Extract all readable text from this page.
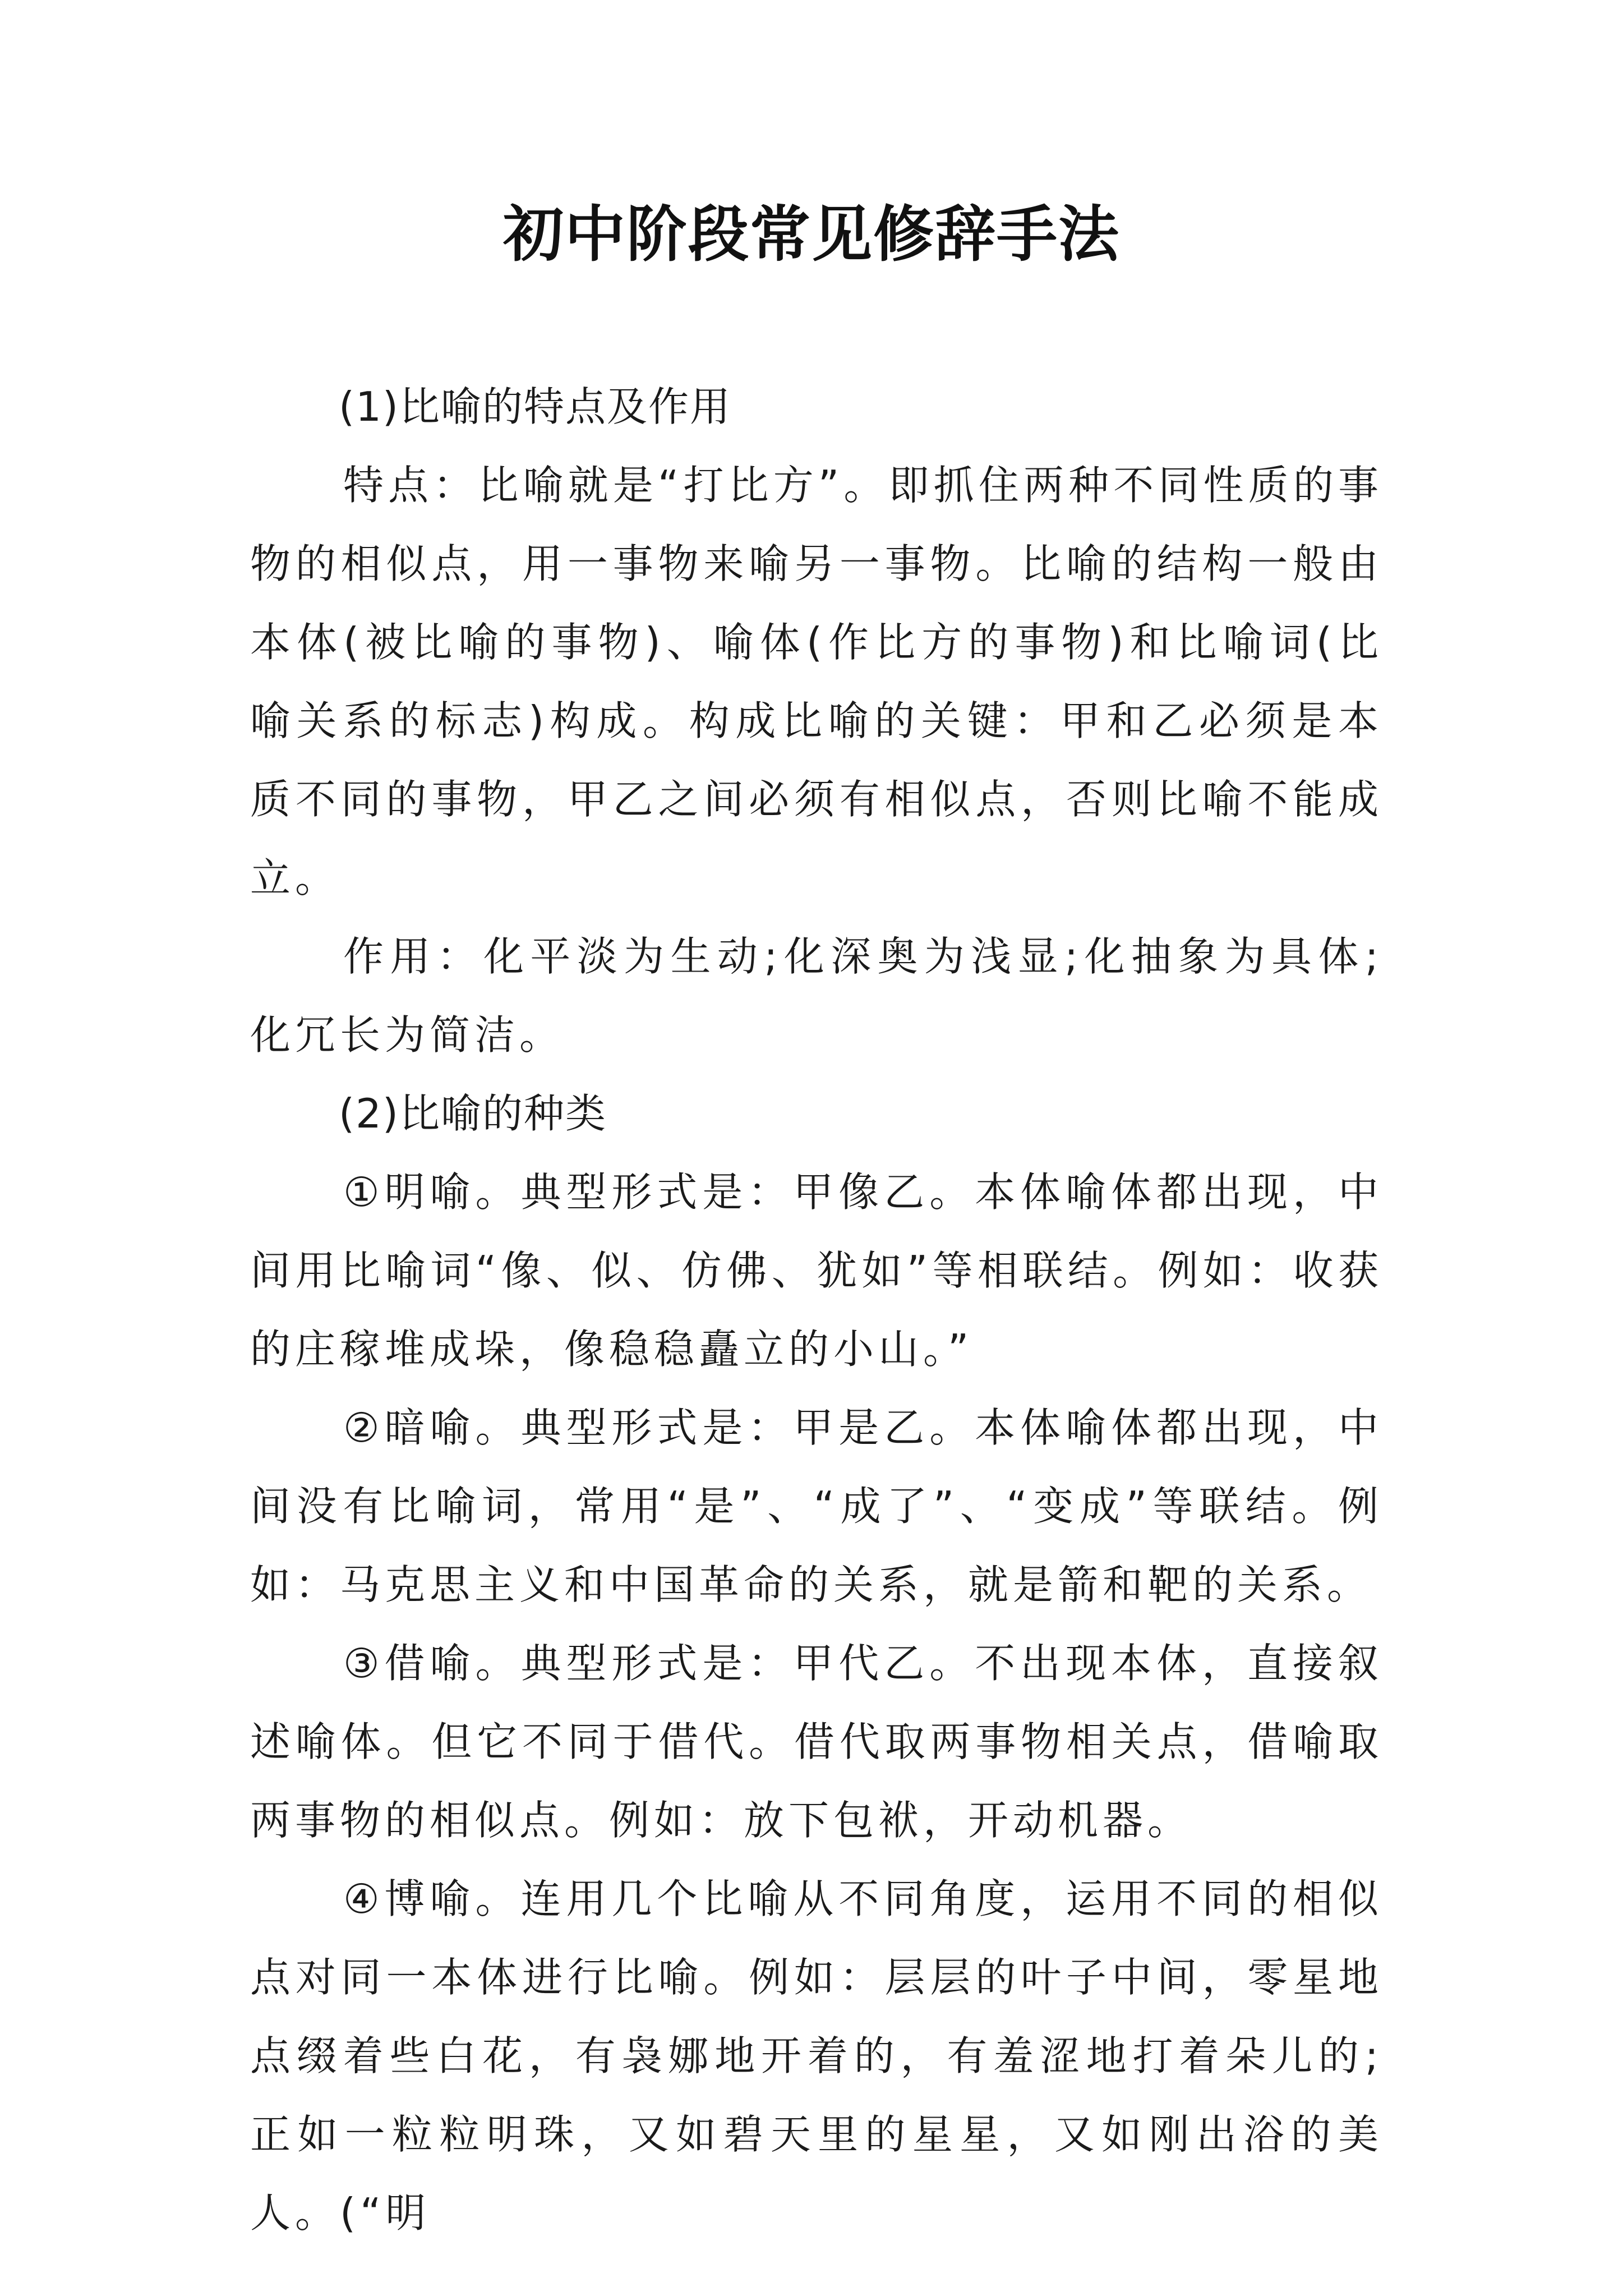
初中阶段常见修辞手法

(1)比喻的特点及作用

特点：比喻就是“打比方”。即抓住两种不同性质的事物的相似点，用一事物来喻另一事物。比喻的结构一般由本体(被比喻的事物)、喻体(作比方的事物)和比喻词(比喻关系的标志)构成。构成比喻的关键：甲和乙必须是本质不同的事物，甲乙之间必须有相似点，否则比喻不能成立。

作用：化平淡为生动;化深奥为浅显;化抽象为具体;化冗长为简洁。

(2)比喻的种类

①明喻。典型形式是：甲像乙。本体喻体都出现，中间用比喻词“像、似、仿佛、犹如”等相联结。例如：收获的庄稼堆成垛，像稳稳矗立的小山。”

②暗喻。典型形式是：甲是乙。本体喻体都出现，中间没有比喻词，常用“是”、“成了”、“变成”等联结。例如：马克思主义和中国革命的关系，就是箭和靶的关系。

③借喻。典型形式是：甲代乙。不出现本体，直接叙述喻体。但它不同于借代。借代取两事物相关点，借喻取两事物的相似点。例如：放下包袱，开动机器。

④博喻。连用几个比喻从不同角度，运用不同的相似点对同一本体进行比喻。例如：层层的叶子中间，零星地点缀着些白花，有袅娜地开着的，有羞涩地打着朵儿的;正如一粒粒明珠，又如碧天里的星星，又如刚出浴的美人。(“明
